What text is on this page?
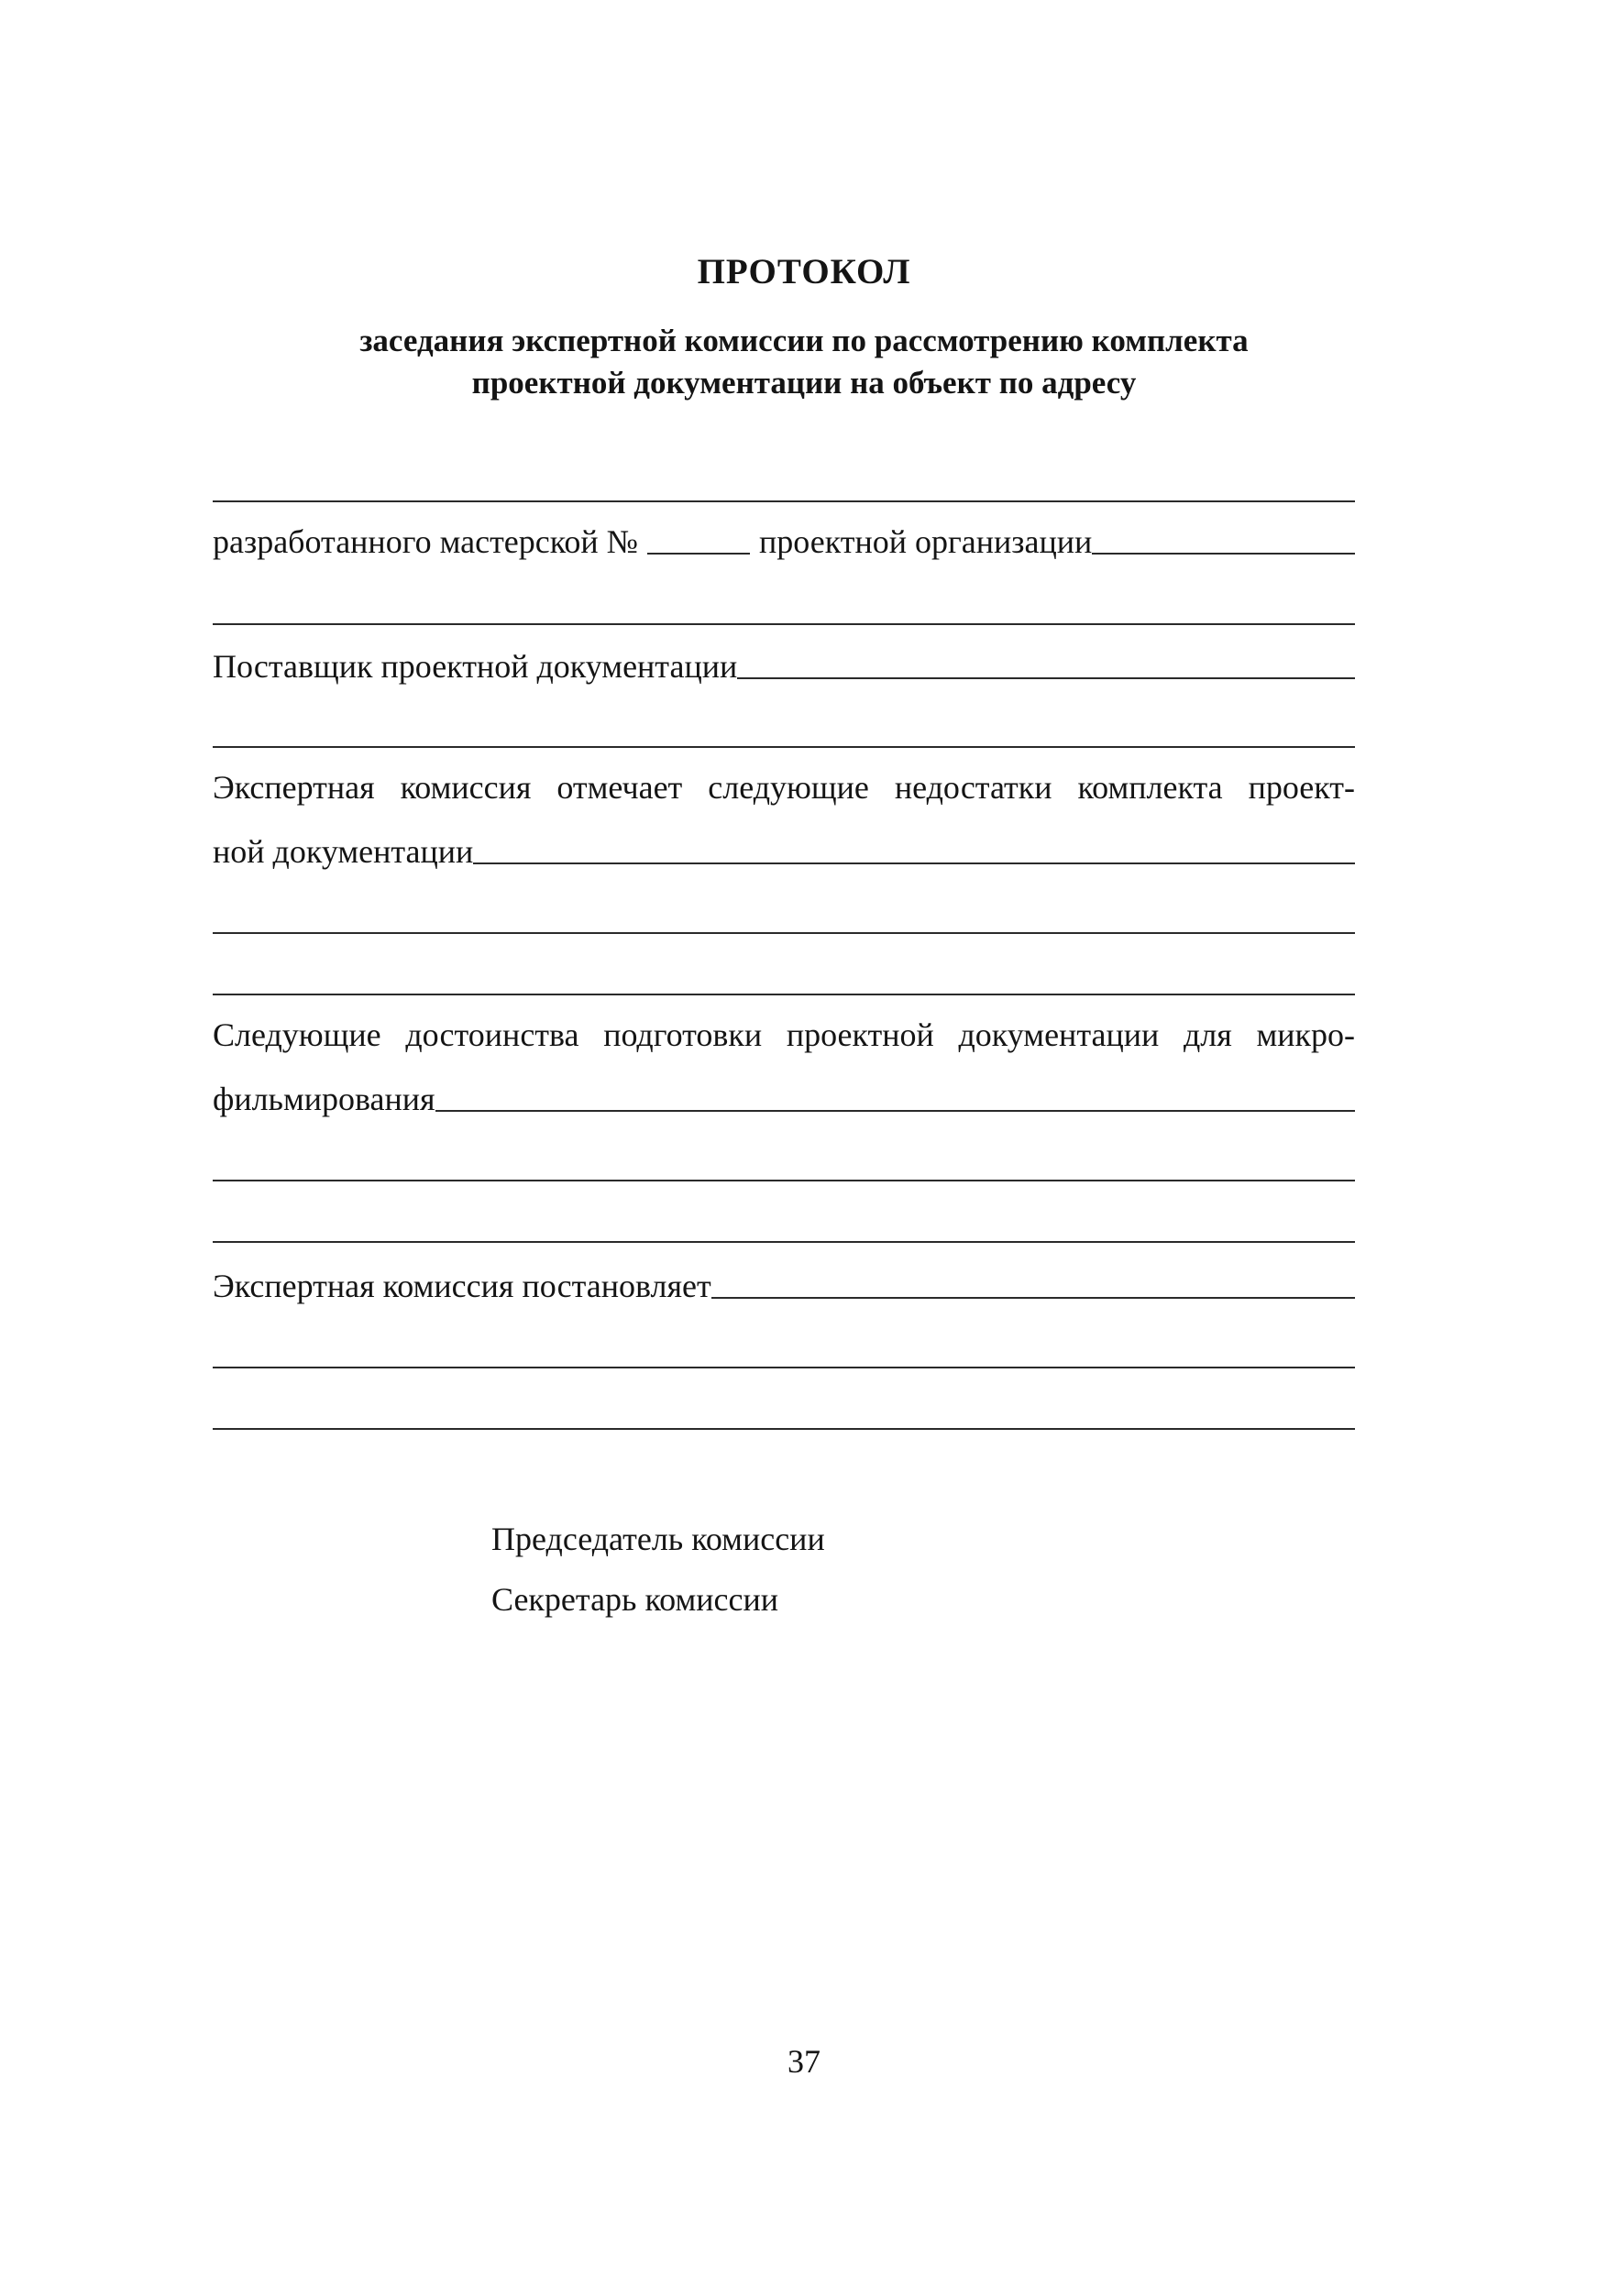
ПРОТОКОЛ
заседания экспертной комиссии по рассмотрению комплекта
проектной документации на объект по адресу
разработанного мастерской №	проектной организации
Поставщик проектной документации
Экспертная комиссия отмечает следующие недостатки комплекта проект-
ной документации
Следующие достоинства подготовки проектной документации для микро-
фильмирования
Экспертная комиссия постановляет
Председатель комиссии
Секретарь комиссии
37
